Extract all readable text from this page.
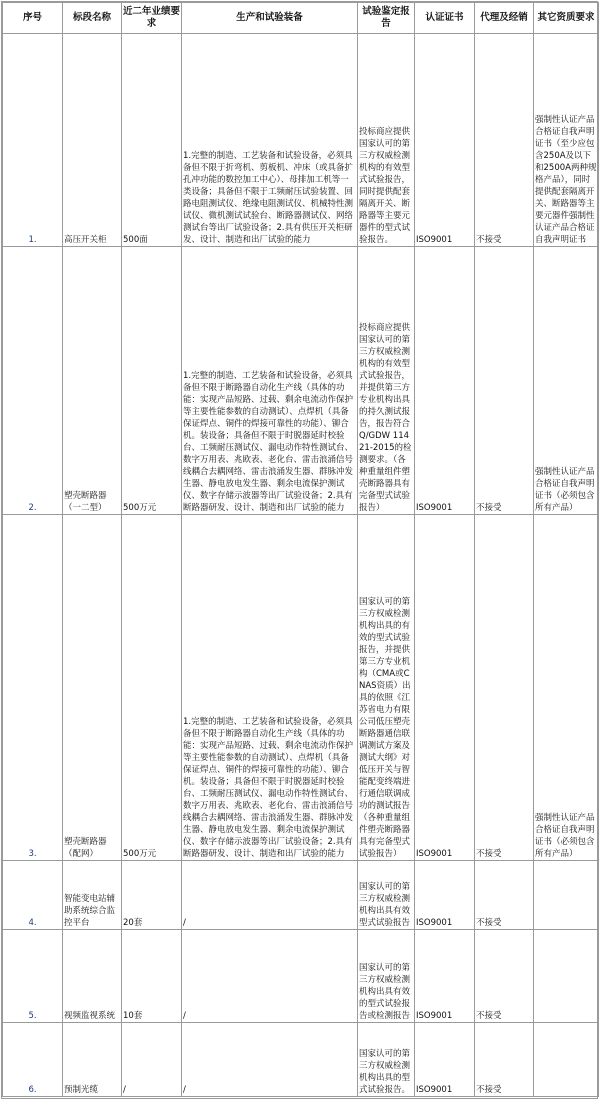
序号	标段名称	近二年业绩要求	生产和试验装备	试验鉴定报告	认证证书	代理及经销	其它资质要求
1.	高压开关柜	500面	1.完整的制造、工艺装备和试验设备，必须具备但不限于折弯机、剪板机、冲床（或具备扩孔冲功能的数控加工中心）、母排加工机等一类设备；具备但不限于工频耐压试验装置、回路电阻测试仪、绝缘电阻测试仪、机械特性测试仪、微机测试试验台、断路器测试仪、网络测试台等出厂试验设备；2.具有供压开关柜研发、设计、制造和出厂试验的能力	投标商应提供国家认可的第三方权威检测机构的有效型式试验报告，同时提供配套隔离开关、断路器等主要元器件的型式试验报告。	ISO9001	不接受	强制性认证产品合格证自我声明证书（至少应包含250A及以下和2500A两种规格产品），同时提供配套隔离开关、断路器等主要元器件强制性认证产品合格证自我声明证书
2.	塑壳断路器（一二型）	500万元	1.完整的制造、工艺装备和试验设备，必须具备但不限于断路器自动化生产线（具体的功能：实现产品短路、过载、剩余电流动作保护等主要性能参数的自动测试）、点焊机（具备保证焊点、铜件的焊接可靠性的功能）、铆合机。装设备；具备但不限于时脱器延时校验台、工频耐压测试仪、漏电动作特性测试台、数字万用表、兆欧表、老化台、雷击浪涌信号线耦合去耦网络、雷击浪涌发生器、群脉冲发生器、静电放电发生器、剩余电流保护测试仪、数字存储示波器等出厂试验设备；2.具有断路器研发、设计、制造和出厂试验的能力	投标商应提供国家认可的第三方权威检测机构的有效型式试验报告，并提供第三方专业机构出具的持久测试报告，报告符合Q/GDW 11421-2015的检测要求。（各种重量组件塑壳断路器具有完备型式试验报告）	ISO9001	不接受	强制性认证产品合格证自我声明证书（必须包含所有产品）
3.	塑壳断路器（配网）	500万元	1.完整的制造、工艺装备和试验设备，必须具备但不限于断路器自动化生产线（具体的功能：实现产品短路、过载、剩余电流动作保护等主要性能参数的自动测试）、点焊机（具备保证焊点、铜件的焊接可靠性的功能）、铆合机。装设备；具备但不限于时脱器延时校验台、工频耐压测试仪、漏电动作特性测试台、数字万用表、兆欧表、老化台、雷击浪涌信号线耦合去耦网络、雷击浪涌发生器、群脉冲发生器、静电放电发生器、剩余电流保护测试仪、数字存储示波器等出厂试验设备；2.具有断路器研发、设计、制造和出厂试验的能力	国家认可的第三方权威检测机构出具的有效的型式试验报告，并提供第三方专业机构（CMA或CNAS资质）出具的依照《江苏省电力有限公司低压塑壳断路器通信联调测试方案及测试大纲》对低压开关与智能配变终端进行通信联调成功的测试报告（各种重量组件塑壳断路器具有完备型式试验报告）	ISO9001	不接受	强制性认证产品合格证自我声明证书（必须包含所有产品）
4.	智能变电站辅助系统综合监控平台	20套	/	国家认可的第三方权威检测机构出具有效型式试验报告	ISO9001	不接受	
5.	视频监视系统	10套	/	国家认可的第三方权威检测机构出具有效的型式试验报告或检测报告	ISO9001	不接受	
6.	预制光缆	/	/	国家认可的第三方权威检测机构出具的型式试验报告。	ISO9001	不接受	
